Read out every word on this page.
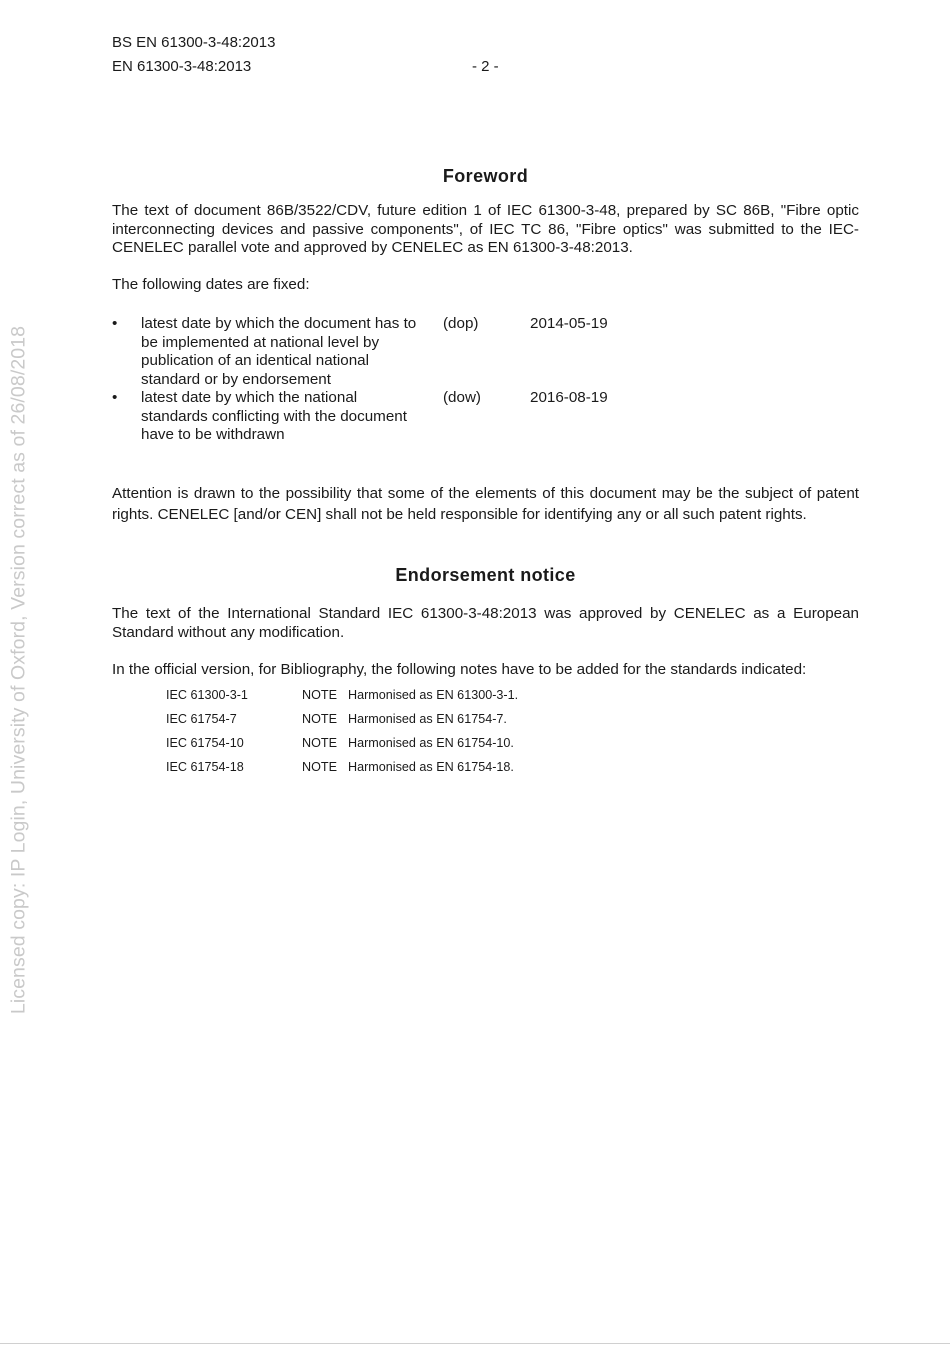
Licensed copy: IP Login, University of Oxford, Version correct as of 26/08/2018
BS EN 61300-3-48:2013
EN 61300-3-48:2013	- 2 -
Foreword

The text of document 86B/3522/CDV, future edition 1 of IEC 61300-3-48, prepared by SC 86B, "Fibre optic interconnecting devices and passive components", of IEC TC 86, "Fibre optics" was submitted to the IEC-CENELEC parallel vote and approved by CENELEC as EN 61300-3-48:2013.

The following dates are fixed:

• latest date by which the document has to be implemented at national level by publication of an identical national standard or by endorsement
(dop)	2014-05-19
• latest date by which the national standards conflicting with the document have to be withdrawn
(dow)	2016-08-19

Attention is drawn to the possibility that some of the elements of this document may be the subject of patent rights. CENELEC [and/or CEN] shall not be held responsible for identifying any or all such patent rights.

Endorsement notice

The text of the International Standard IEC 61300-3-48:2013 was approved by CENELEC as a European Standard without any modification.

In the official version, for Bibliography, the following notes have to be added for the standards indicated:

IEC 61300-3-1	NOTE Harmonised as EN 61300-3-1.
IEC 61754-7	NOTE Harmonised as EN 61754-7.
IEC 61754-10	NOTE Harmonised as EN 61754-10.
IEC 61754-18	NOTE Harmonised as EN 61754-18.
